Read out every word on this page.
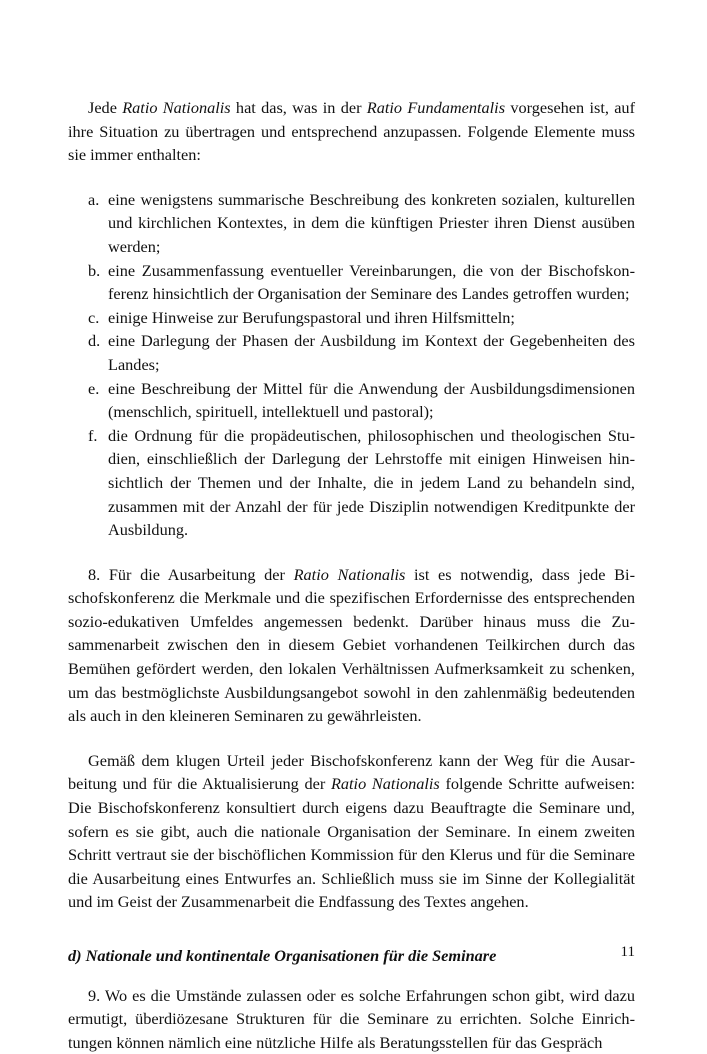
Jede Ratio Nationalis hat das, was in der Ratio Fundamentalis vorgesehen ist, auf ihre Situation zu übertragen und entsprechend anzupassen. Folgende Elemente muss sie immer enthalten:

a. eine wenigstens summarische Beschreibung des konkreten sozialen, kulturellen und kirchlichen Kontextes, in dem die künftigen Priester ihren Dienst ausüben werden;
b. eine Zusammenfassung eventueller Vereinbarungen, die von der Bischofskonferenz hinsichtlich der Organisation der Seminare des Landes getroffen wurden;
c. einige Hinweise zur Berufungspastoral und ihren Hilfsmitteln;
d. eine Darlegung der Phasen der Ausbildung im Kontext der Gegebenheiten des Landes;
e. eine Beschreibung der Mittel für die Anwendung der Ausbildungsdimensionen (menschlich, spirituell, intellektuell und pastoral);
f. die Ordnung für die propädeutischen, philosophischen und theologischen Studien, einschließlich der Darlegung der Lehrstoffe mit einigen Hinweisen hinsichtlich der Themen und der Inhalte, die in jedem Land zu behandeln sind, zusammen mit der Anzahl der für jede Disziplin notwendigen Kreditpunkte der Ausbildung.

8. Für die Ausarbeitung der Ratio Nationalis ist es notwendig, dass jede Bischofskonferenz die Merkmale und die spezifischen Erfordernisse des entsprechenden sozio-edukativen Umfeldes angemessen bedenkt. Darüber hinaus muss die Zusammenarbeit zwischen den in diesem Gebiet vorhandenen Teilkirchen durch das Bemühen gefördert werden, den lokalen Verhältnissen Aufmerksamkeit zu schenken, um das bestmöglichste Ausbildungsangebot sowohl in den zahlenmäßig bedeutenden als auch in den kleineren Seminaren zu gewährleisten.

Gemäß dem klugen Urteil jeder Bischofskonferenz kann der Weg für die Ausarbeitung und für die Aktualisierung der Ratio Nationalis folgende Schritte aufweisen: Die Bischofskonferenz konsultiert durch eigens dazu Beauftragte die Seminare und, sofern es sie gibt, auch die nationale Organisation der Seminare. In einem zweiten Schritt vertraut sie der bischöflichen Kommission für den Klerus und für die Seminare die Ausarbeitung eines Entwurfes an. Schließlich muss sie im Sinne der Kollegialität und im Geist der Zusammenarbeit die Endfassung des Textes angehen.

d) Nationale und kontinentale Organisationen für die Seminare

9. Wo es die Umstände zulassen oder es solche Erfahrungen schon gibt, wird dazu ermutigt, überdiözesane Strukturen für die Seminare zu errichten. Solche Einrichtungen können nämlich eine nützliche Hilfe als Beratungsstellen für das Gespräch

11
